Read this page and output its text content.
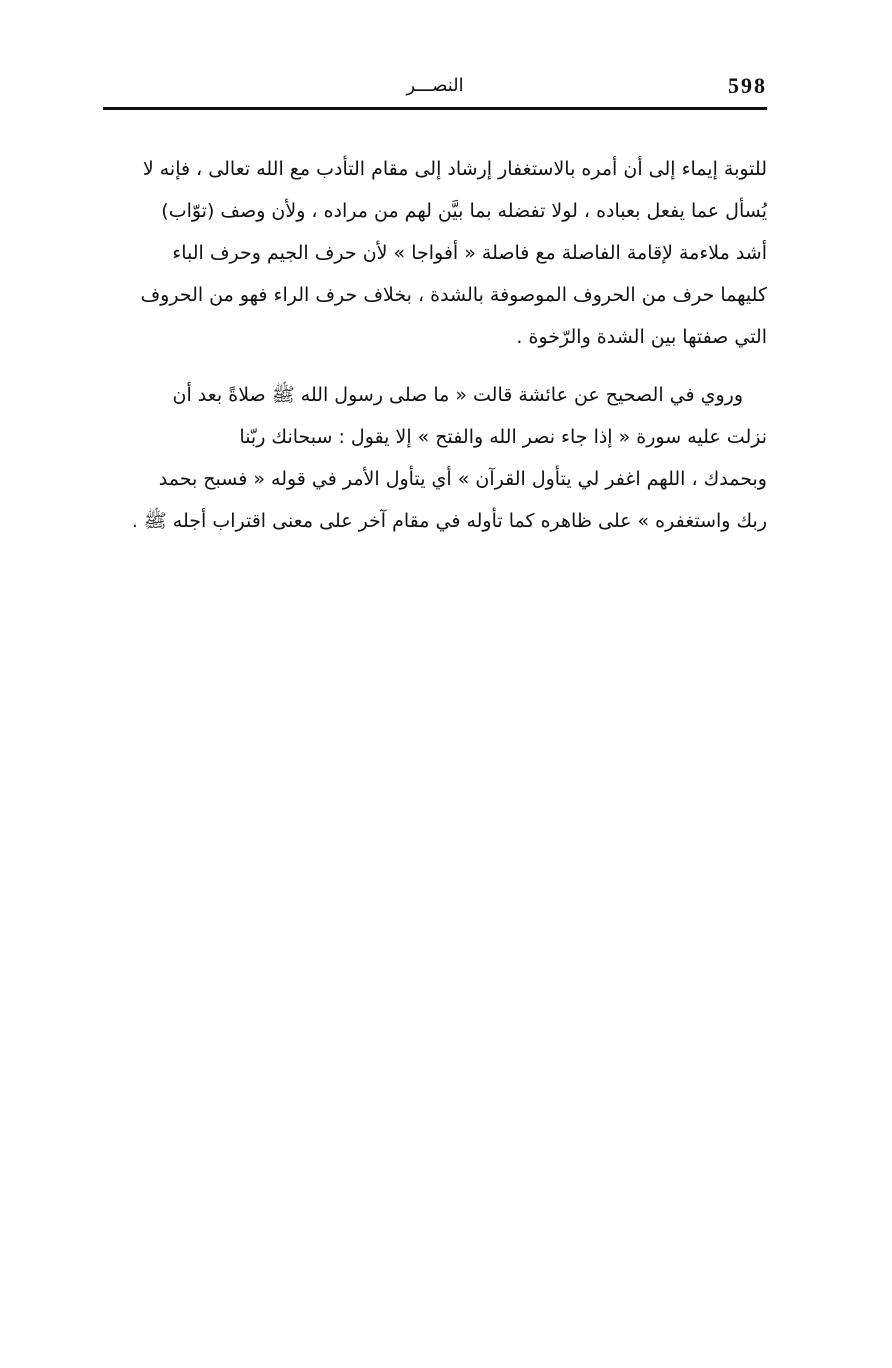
598
النصـــر

للتوبة إيماء إلى أن أمره بالاستغفار إرشاد إلى مقام التأدب مع الله تعالى ، فإنه لا
يُسأل عما يفعل بعباده ، لولا تفضله بما بيَّن لهم من مراده ، ولأن وصف (توّاب)
أشد ملاءمة لإقامة الفاصلة مع فاصلة « أفواجا » لأن حرف الجيم وحرف الباء
كليهما حرف من الحروف الموصوفة بالشدة ، بخلاف حرف الراء فهو من الحروف
التي صفتها بين الشدة والرّخوة .

وروي في الصحيح عن عائشة قالت « ما صلى رسول الله ﷺ صلاةً بعد أن
نزلت عليه سورة « إذا جاء نصر الله والفتح » إلا يقول : سبحانك ربّنا
وبحمدك ، اللهم اغفر لي يتأول القرآن » أي يتأول الأمر في قوله « فسبح بحمد
ربك واستغفره » على ظاهره كما تأوله في مقام آخر على معنى اقتراب أجله ﷺ .
